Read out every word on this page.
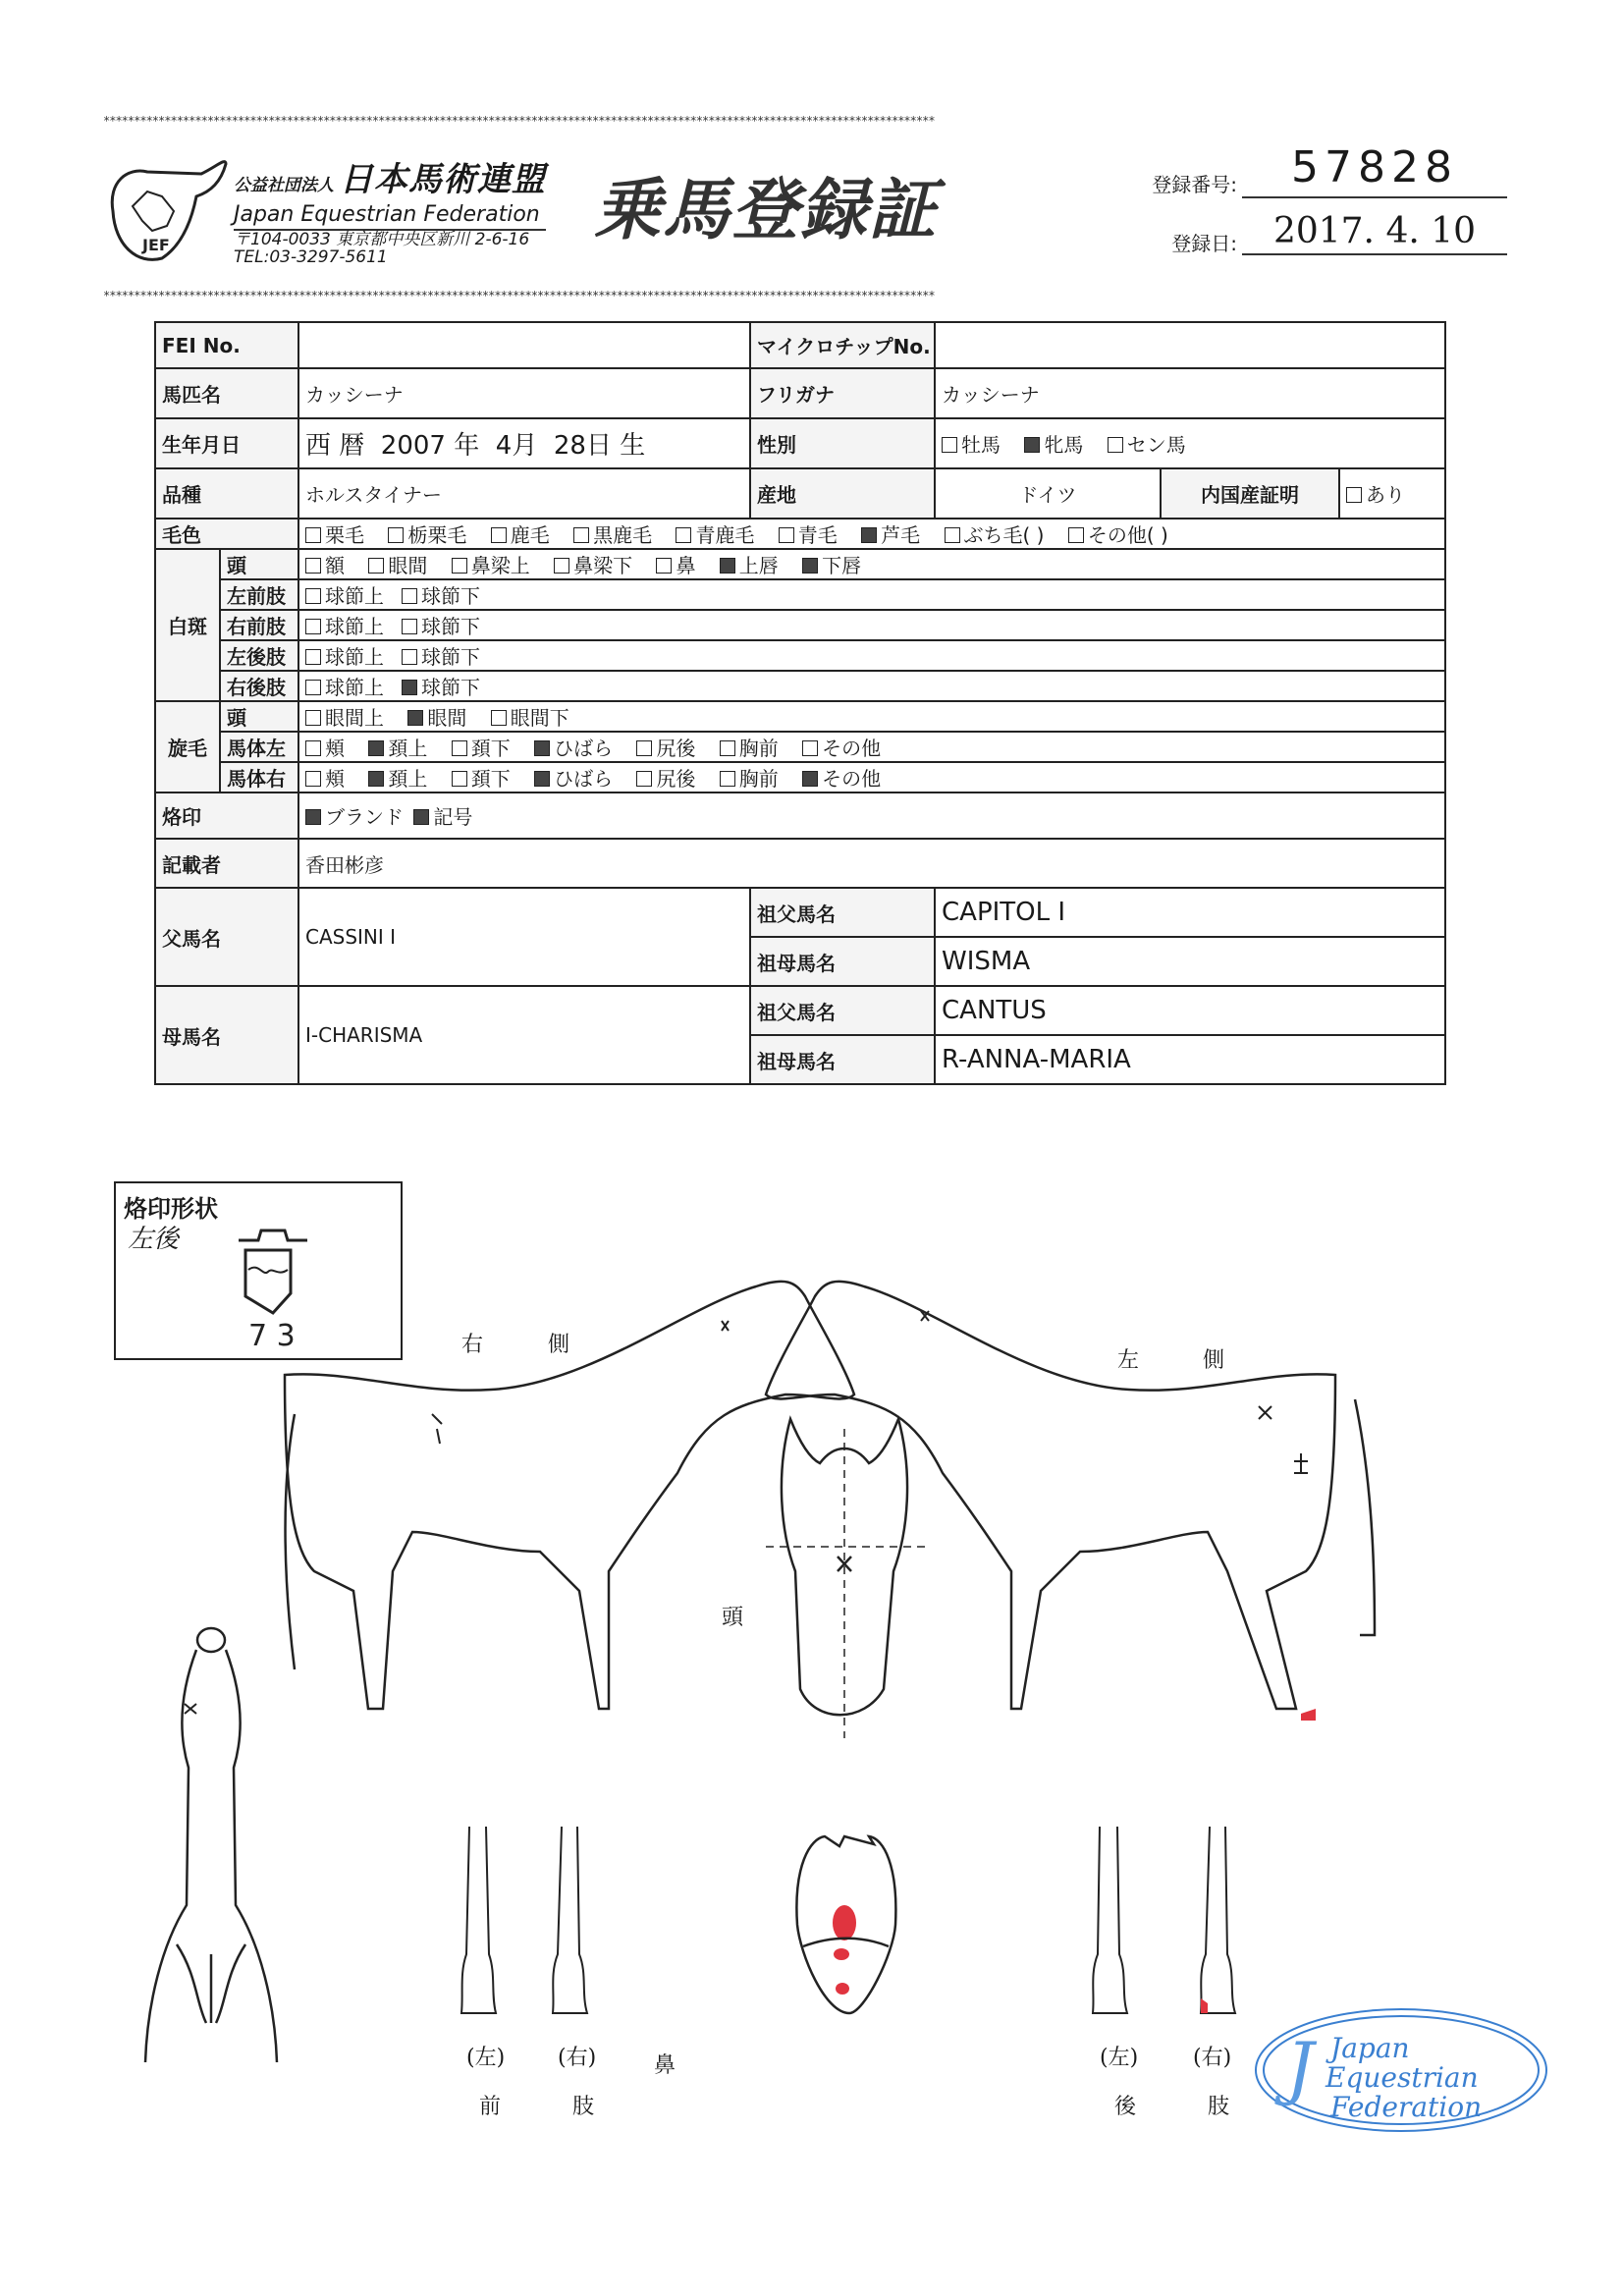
****************************************************************************************************************************************
****************************************************************************************************************************************
JEF
公益社団法人 日本馬術連盟
Japan Equestrian Federation
〒104-0033 東京都中央区新川 2-6-16
TEL:03-3297-5611
乗馬登録証	登録番号:	57828
登録日:	2017. 4. 10
FEI No.			マイクロチップNo.			
馬匹名		カッシーナ	フリガナ	カッシーナ		
生年月日		西 暦 2007 年 4月 28日 生	性別	牡馬 牝馬 セン馬		
品種		ホルスタイナー	産地	ドイツ	内国産証明	あり
毛色		栗毛 栃栗毛 鹿毛 黒鹿毛 青鹿毛 青毛 芦毛 ぶち毛( ) その他( )				
白斑	頭	額 眼間 鼻梁上 鼻梁下 鼻 上唇 下唇				
	左前肢	球節上 球節下				
	右前肢	球節上 球節下				
	左後肢	球節上 球節下				
	右後肢	球節上 球節下				
旋毛	頭	眼間上 眼間 眼間下				
	馬体左	頬 頚上 頚下 ひばら 尻後 胸前 その他				
	馬体右	頬 頚上 頚下 ひばら 尻後 胸前 その他				
烙印		ブランド 記号				
記載者		香田彬彦				
父馬名		CASSINI I	祖父馬名	CAPITOL I		
			祖母馬名	WISMA		
母馬名		I-CHARISMA	祖父馬名	CANTUS		
			祖母馬名	R-ANNA-MARIA		
烙印形状
左後
7 3	右	側
左	側
頭
(左) (右)
前	肢
鼻	(左)	(右)
後	肢 J Japan
Equestrian
Federation
